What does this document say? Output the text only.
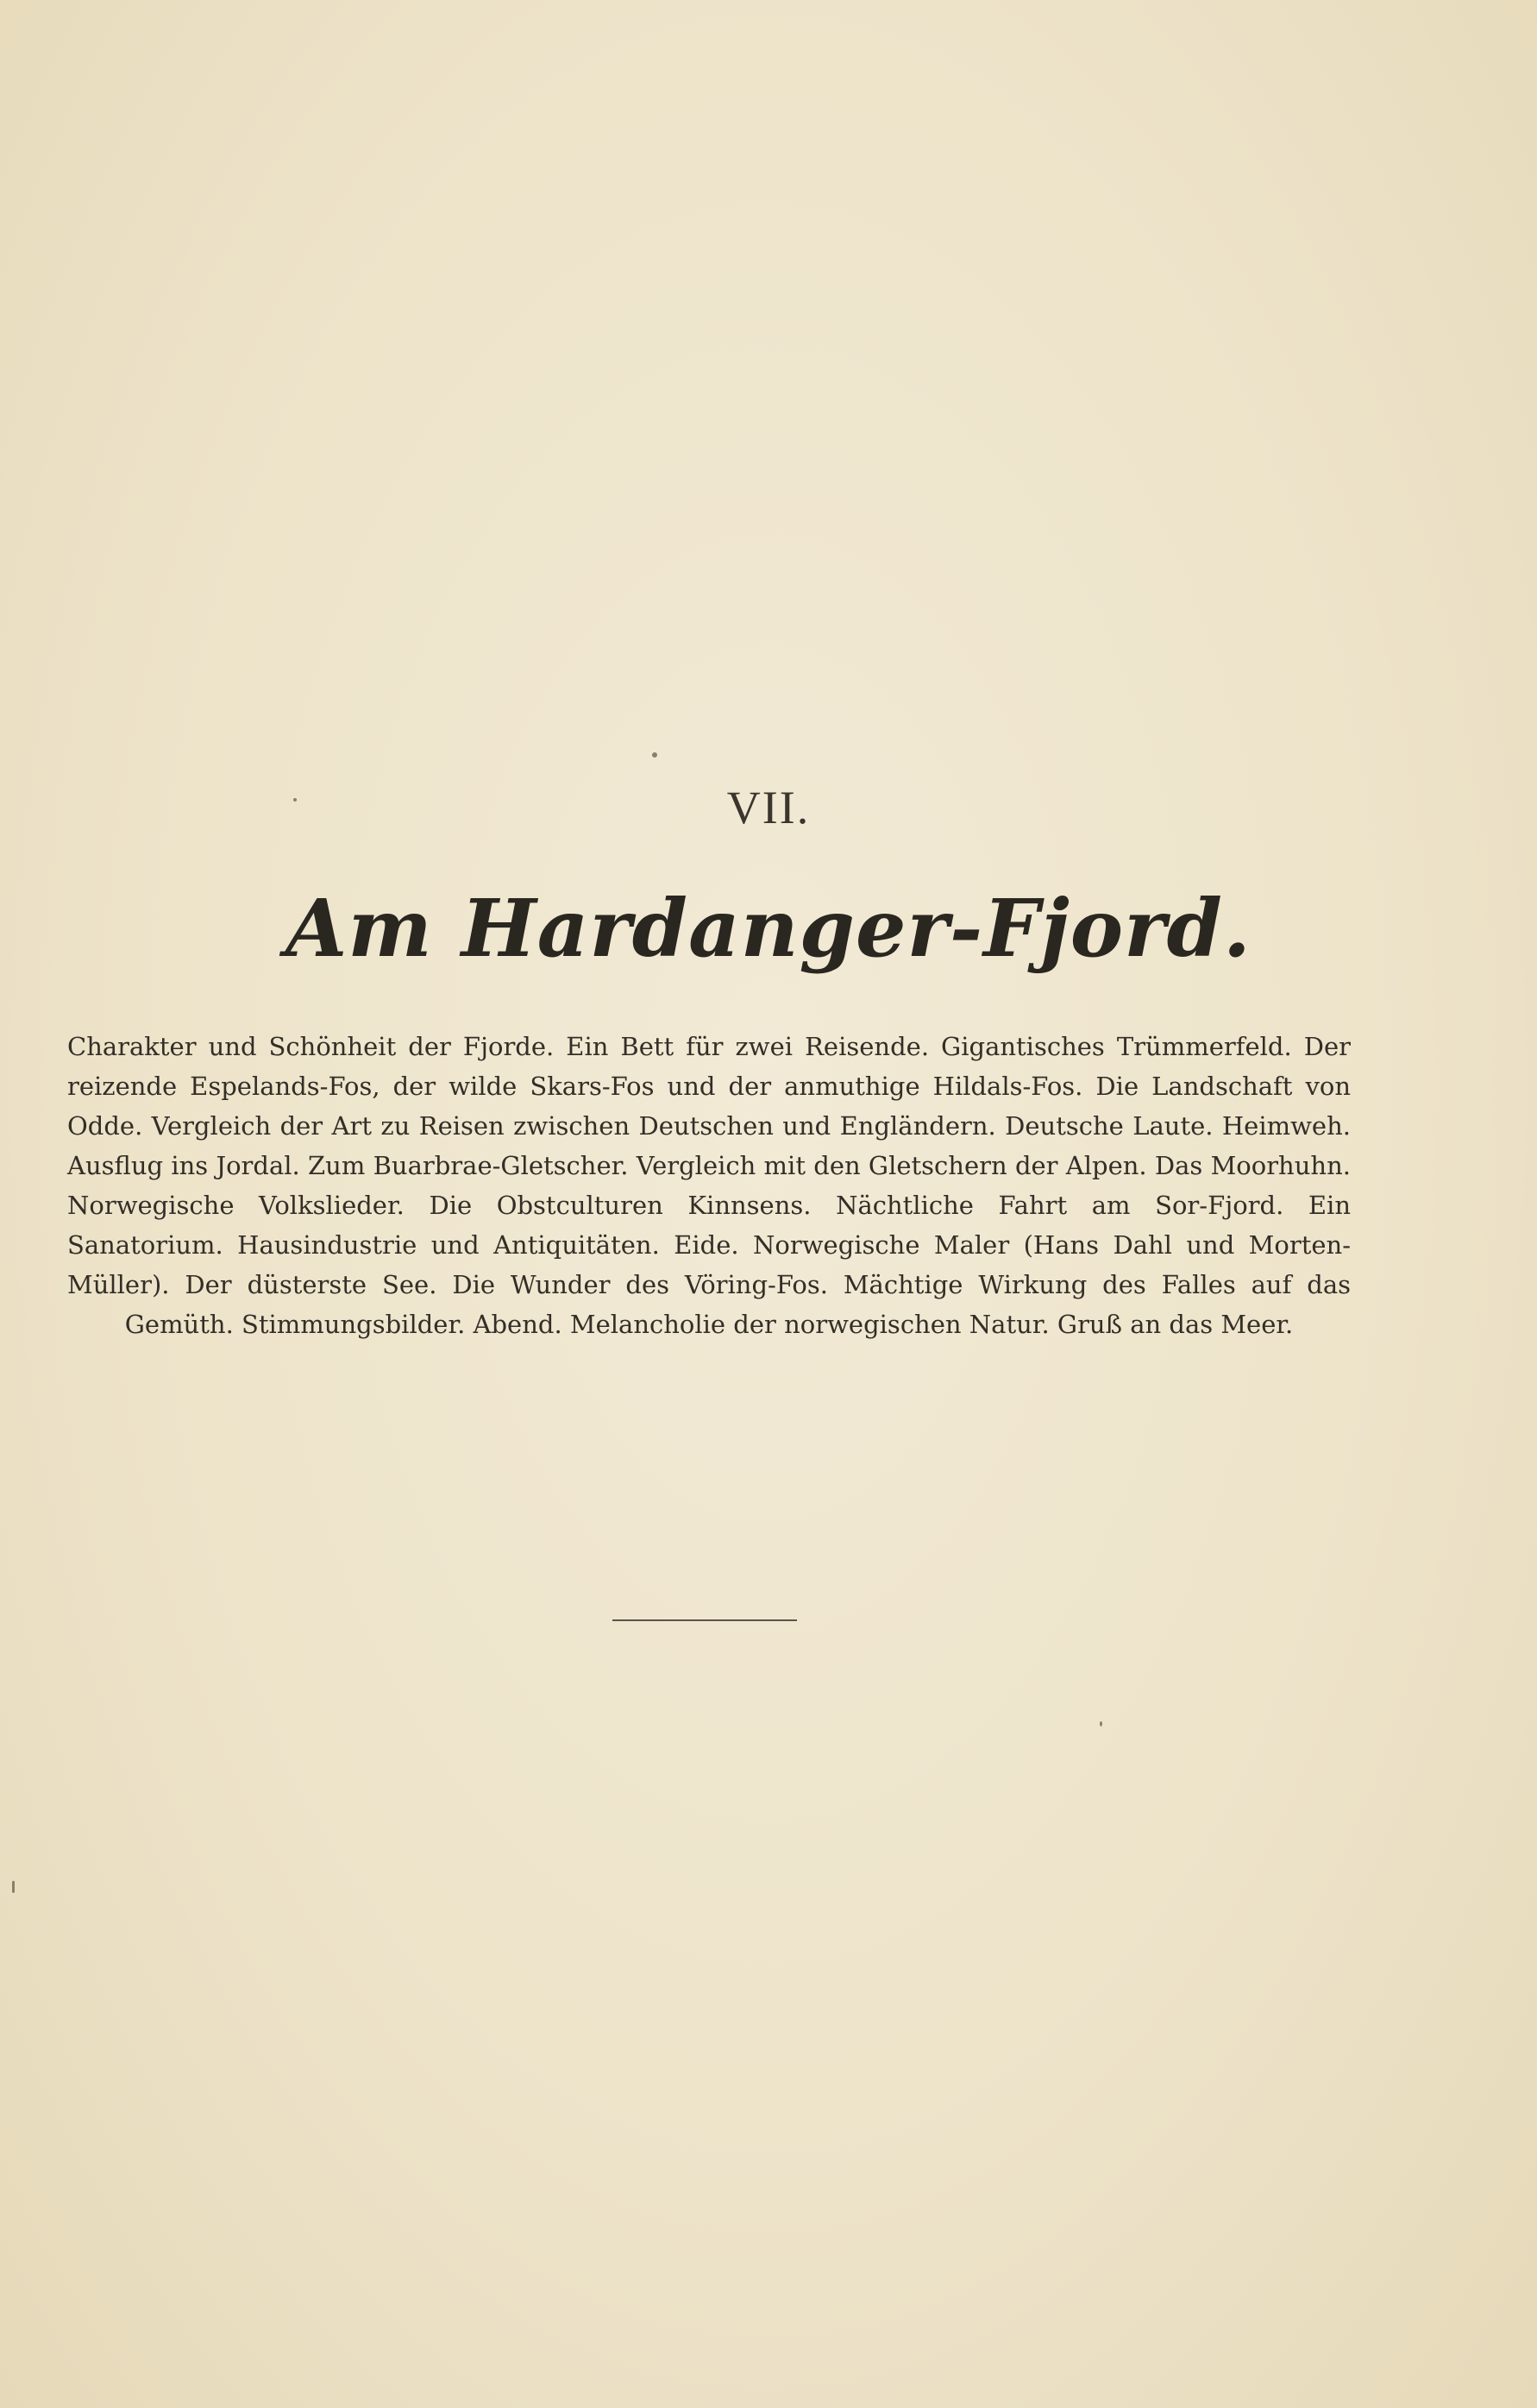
VII.
Am Hardanger-Fjord.
Charakter und Schönheit der Fjorde. Ein Bett für zwei Reisende. Gigantisches Trümmerfeld. Der reizende Espelands-Fos, der wilde Skars-Fos und der anmuthige Hildals-Fos. Die Landschaft von Odde. Vergleich der Art zu Reisen zwischen Deutschen und Engländern. Deutsche Laute. Heimweh. Ausflug ins Jordal. Zum Buarbrae-Gletscher. Vergleich mit den Gletschern der Alpen. Das Moorhuhn. Norwegische Volkslieder. Die Obstculturen Kinnsens. Nächtliche Fahrt am Sor-Fjord. Ein Sanatorium. Hausindustrie und Antiquitäten. Eide. Norwegische Maler (Hans Dahl und Morten-Müller). Der düsterste See. Die Wunder des Vöring-Fos. Mächtige Wirkung des Falles auf das Gemüth. Stimmungsbilder. Abend. Melancholie der norwegischen Natur. Gruß an das Meer.
